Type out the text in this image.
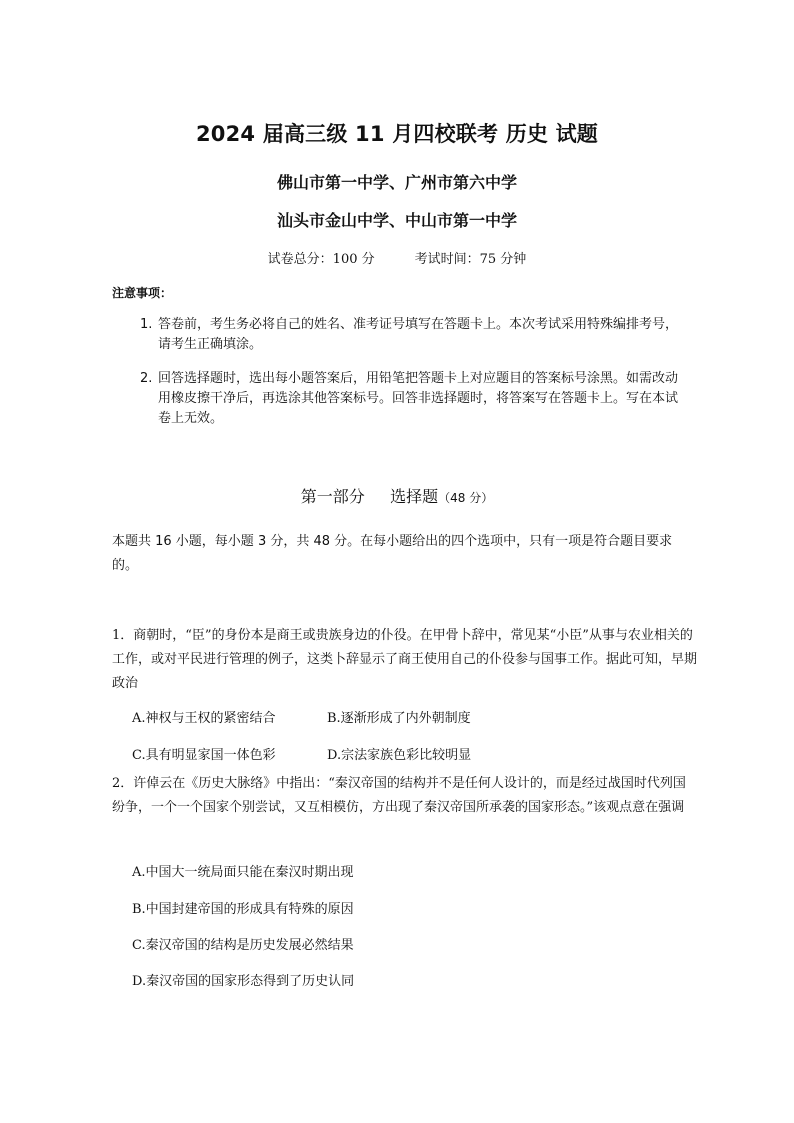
2024 届高三级 11 月四校联考 历史 试题
佛山市第一中学、广州市第六中学
汕头市金山中学、中山市第一中学
试卷总分：100 分	考试时间：75 分钟
注意事项：
1. 答卷前，考生务必将自己的姓名、准考证号填写在答题卡上。本次考试采用特殊编排考号，请考生正确填涂。
2. 回答选择题时，选出每小题答案后，用铅笔把答题卡上对应题目的答案标号涂黑。如需改动用橡皮擦干净后，再选涂其他答案标号。回答非选择题时，将答案写在答题卡上。写在本试卷上无效。
第一部分     选择题（48 分）
本题共 16 小题，每小题 3 分，共 48 分。在每小题给出的四个选项中，只有一项是符合题目要求的。
1．商朝时，“臣”的身份本是商王或贵族身边的仆役。在甲骨卜辞中，常见某“小臣”从事与农业相关的工作，或对平民进行管理的例子，这类卜辞显示了商王使用自己的仆役参与国事工作。据此可知，早期政治
A.神权与王权的紧密结合	B.逐渐形成了内外朝制度
C.具有明显家国一体色彩	D.宗法家族色彩比较明显
2．许倬云在《历史大脉络》中指出：“秦汉帝国的结构并不是任何人设计的，而是经过战国时代列国纷争，一个一个国家个别尝试，又互相模仿，方出现了秦汉帝国所承袭的国家形态。”该观点意在强调
A.中国大一统局面只能在秦汉时期出现
B.中国封建帝国的形成具有特殊的原因
C.秦汉帝国的结构是历史发展必然结果
D.秦汉帝国的国家形态得到了历史认同
